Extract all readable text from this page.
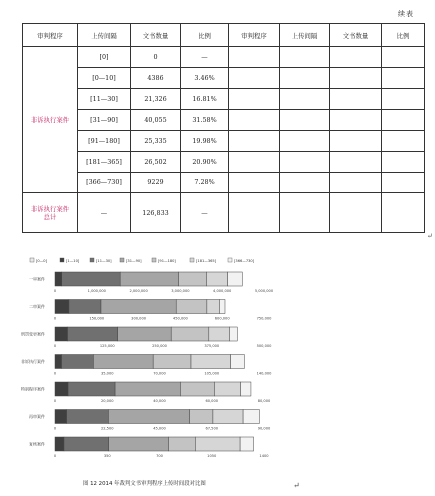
续表
审判程序	上传间隔	文书数量	比例	审判程序	上传间隔	文书数量	比例
非诉执行案件	[0]	0	—				
	[0—10]	4386	3.46%				
	[11—30]	21,326	16.81%				
	[31—90]	40,055	31.58%				
	[91—180]	25,335	19.98%				
	[181—365]	26,502	20.90%				
	[366—730]	9229	7.28%				

非诉执行案件
总计	—	126,833	—				
↵
[0—0]	[1—10]	[11—30]	[31—90]	[91—180]	[181—365]	[366—730]
一审案件
0	1,000,000	2,000,000	3,000,000	4,000,000	5,000,000
二审案件
0	150,000	300,000	450,000	600,000	750,000
刑罚变更案件
0	125,000	250,000	375,000	500,000
非诉执行案件
0	35,000	70,000	105,000	140,000
特别程序案件
0	20,000	40,000	60,000	80,000
再审案件
0	22,500	45,000	67,500	90,000
复核案件
0	350	700	1050	1400
图 12 2014 年裁判文书审判程序上传时间段对比图	↵
